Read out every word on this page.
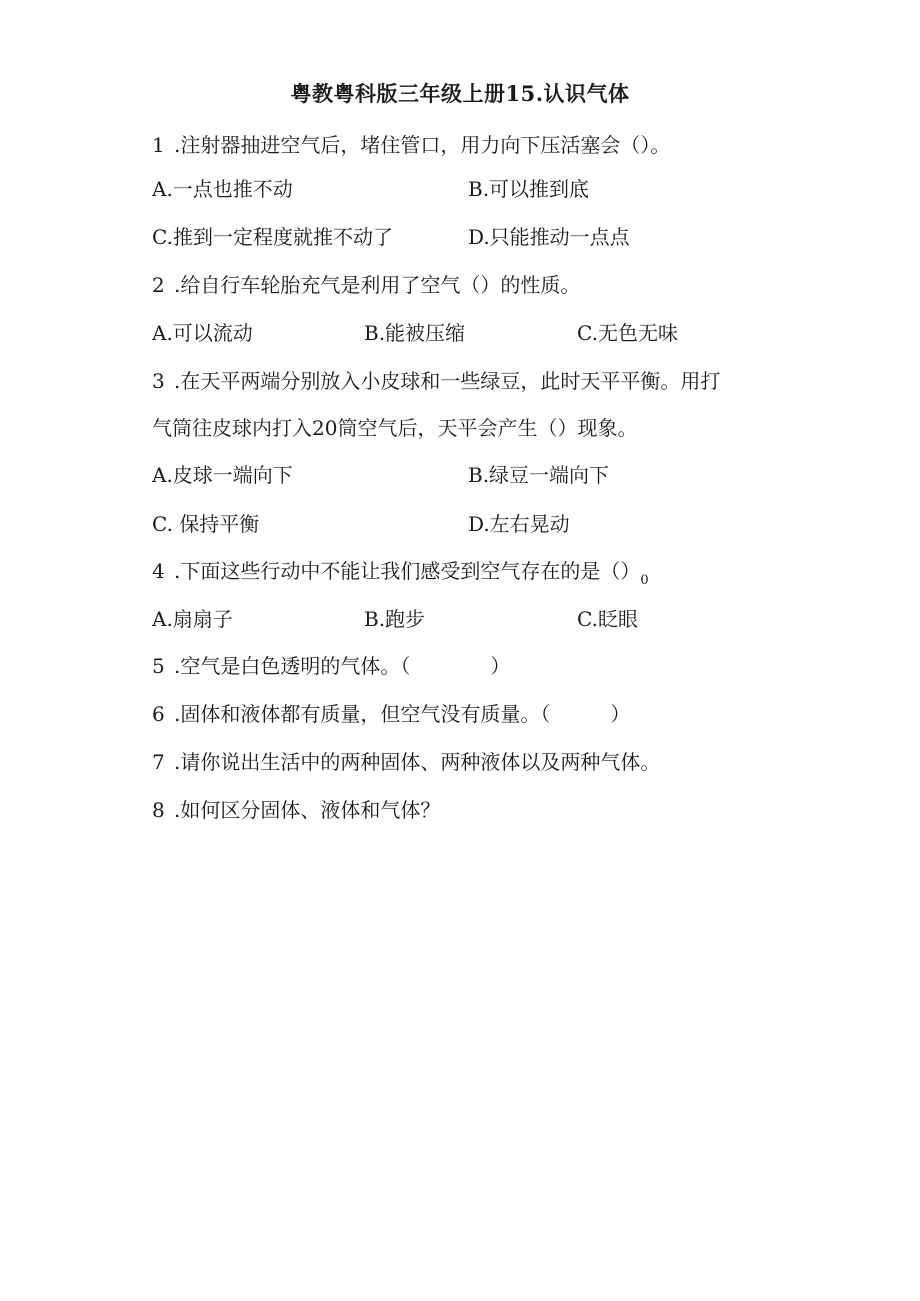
粤教粤科版三年级上册15.认识气体
1 .注射器抽进空气后，堵住管口，用力向下压活塞会（）。
A.一点也推不动	B.可以推到底
C.推到一定程度就推不动了	D.只能推动一点点
2 .给自行车轮胎充气是利用了空气（）的性质。
A.可以流动	B.能被压缩	C.无色无味
3 .在天平两端分别放入小皮球和一些绿豆，此时天平平衡。用打
气筒往皮球内打入20筒空气后，天平会产生（）现象。
A.皮球一端向下	B.绿豆一端向下
C. 保持平衡	D.左右晃动
4 .下面这些行动中不能让我们感受到空气存在的是$()_0$
A.扇扇子	B.跑步	C.眨眼
5 .空气是白色透明的气体。（　　　　）
6 .固体和液体都有质量，但空气没有质量。（　　　）
7 .请你说出生活中的两种固体、两种液体以及两种气体。
8 .如何区分固体、液体和气体？
